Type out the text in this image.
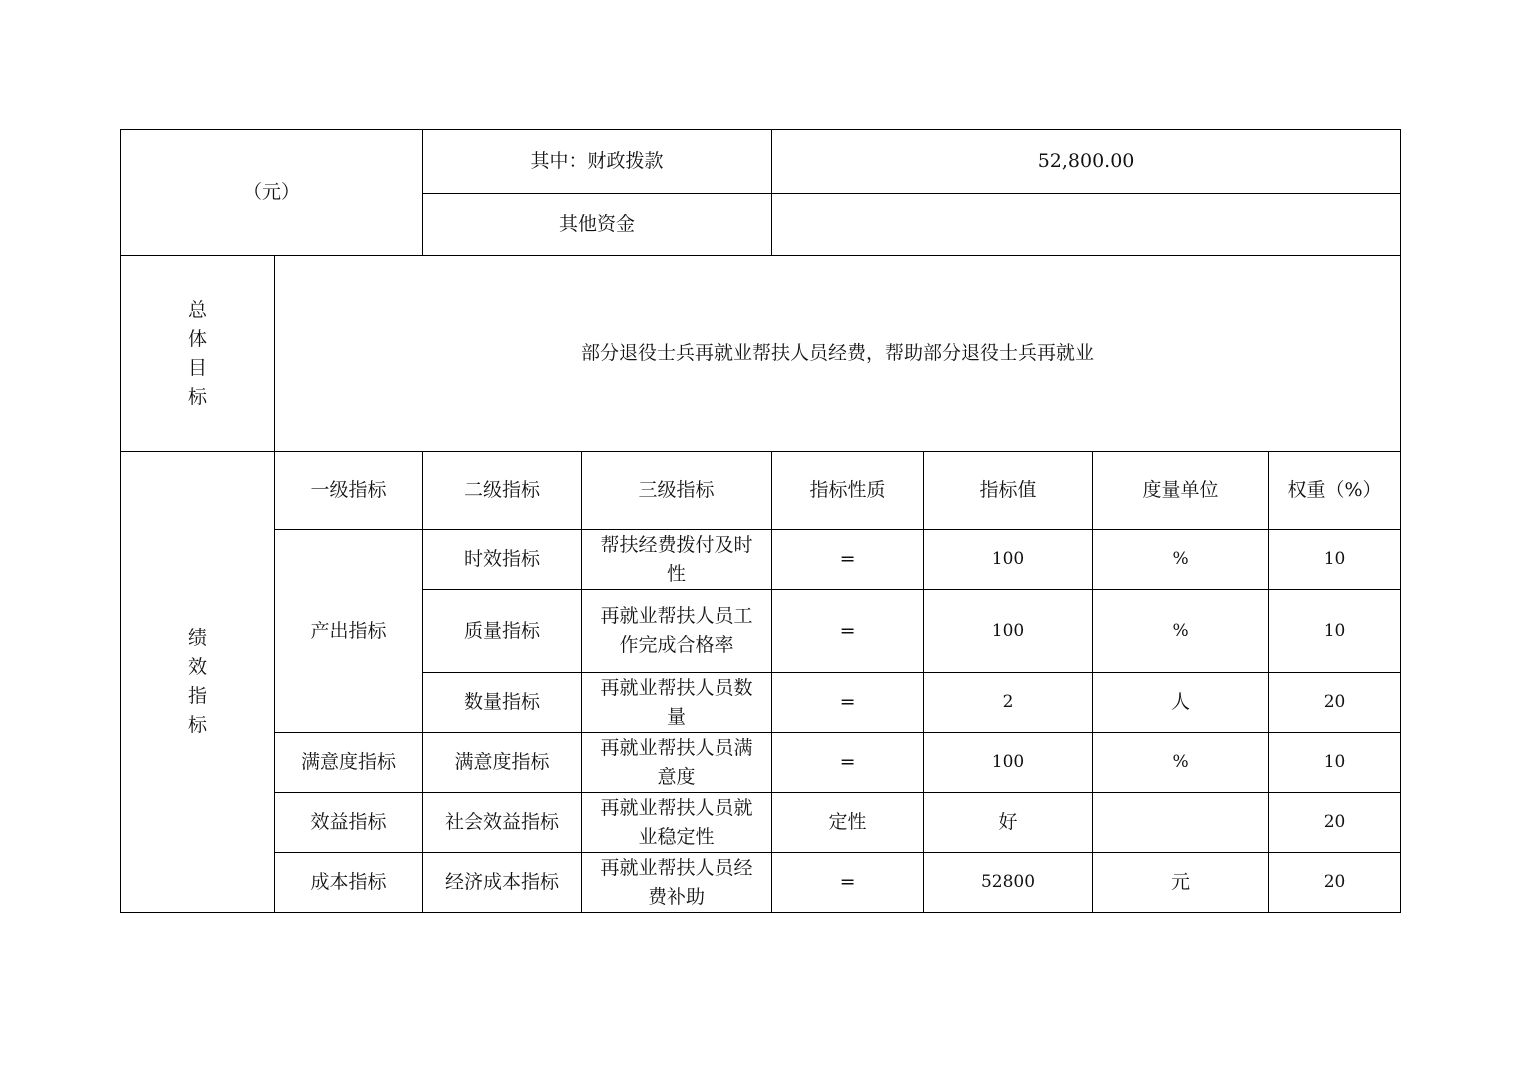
（元）		其中：财政拨款		52,800.00			
		其他资金					

总
体
目
标	部分退役士兵再就业帮扶人员经费，帮助部分退役士兵再就业						

绩
效
指
标	一级指标	二级指标	三级指标	指标性质	指标值	度量单位	权重（%）
	产出指标	时效指标	帮扶经费拨付及时性	=	100	%	10
		质量指标	再就业帮扶人员工作完成合格率	=	100	%	10
		数量指标	再就业帮扶人员数量	=	2	人	20
	满意度指标	满意度指标	再就业帮扶人员满意度	=	100	%	10
	效益指标	社会效益指标	再就业帮扶人员就业稳定性	定性	好		20
	成本指标	经济成本指标	再就业帮扶人员经费补助	=	52800	元	20
